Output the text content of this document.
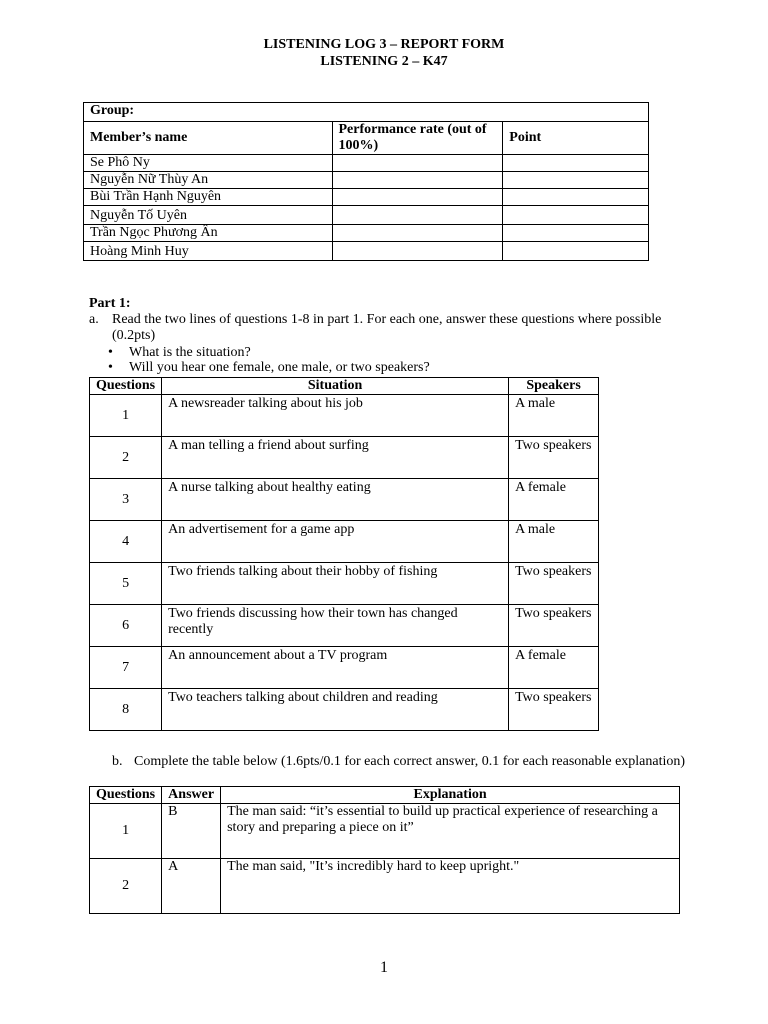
LISTENING LOG 3 – REPORT FORM
LISTENING 2 – K47
Group:		
Member’s name	Performance rate (out of 100%)	Point
Se Phô Ny		
Nguyễn Nữ Thùy An		
Bùi Trần Hạnh Nguyên		
Nguyễn Tố Uyên		
Trần Ngọc Phương Ân		
Hoàng Minh Huy		
Part 1:
a. Read the two lines of questions 1-8 in part 1. For each one, answer these questions where possible
(0.2pts)
• What is the situation?
• Will you hear one female, one male, or two speakers?
Questions	Situation	Speakers
1	A newsreader talking about his job	A male
2	A man telling a friend about surfing	Two speakers
3	A nurse talking about healthy eating	A female
4	An advertisement for a game app	A male
5	Two friends talking about their hobby of fishing	Two speakers
6	Two friends discussing how their town has changed recently	Two speakers
7	An announcement about a TV program	A female
8	Two teachers talking about children and reading	Two speakers
b. Complete the table below (1.6pts/0.1 for each correct answer, 0.1 for each reasonable explanation)
Questions	Answer	Explanation
1	B	The man said: “it’s essential to build up practical experience of researching a story and preparing a piece on it”
2	A	The man said, "It’s incredibly hard to keep upright."
1
